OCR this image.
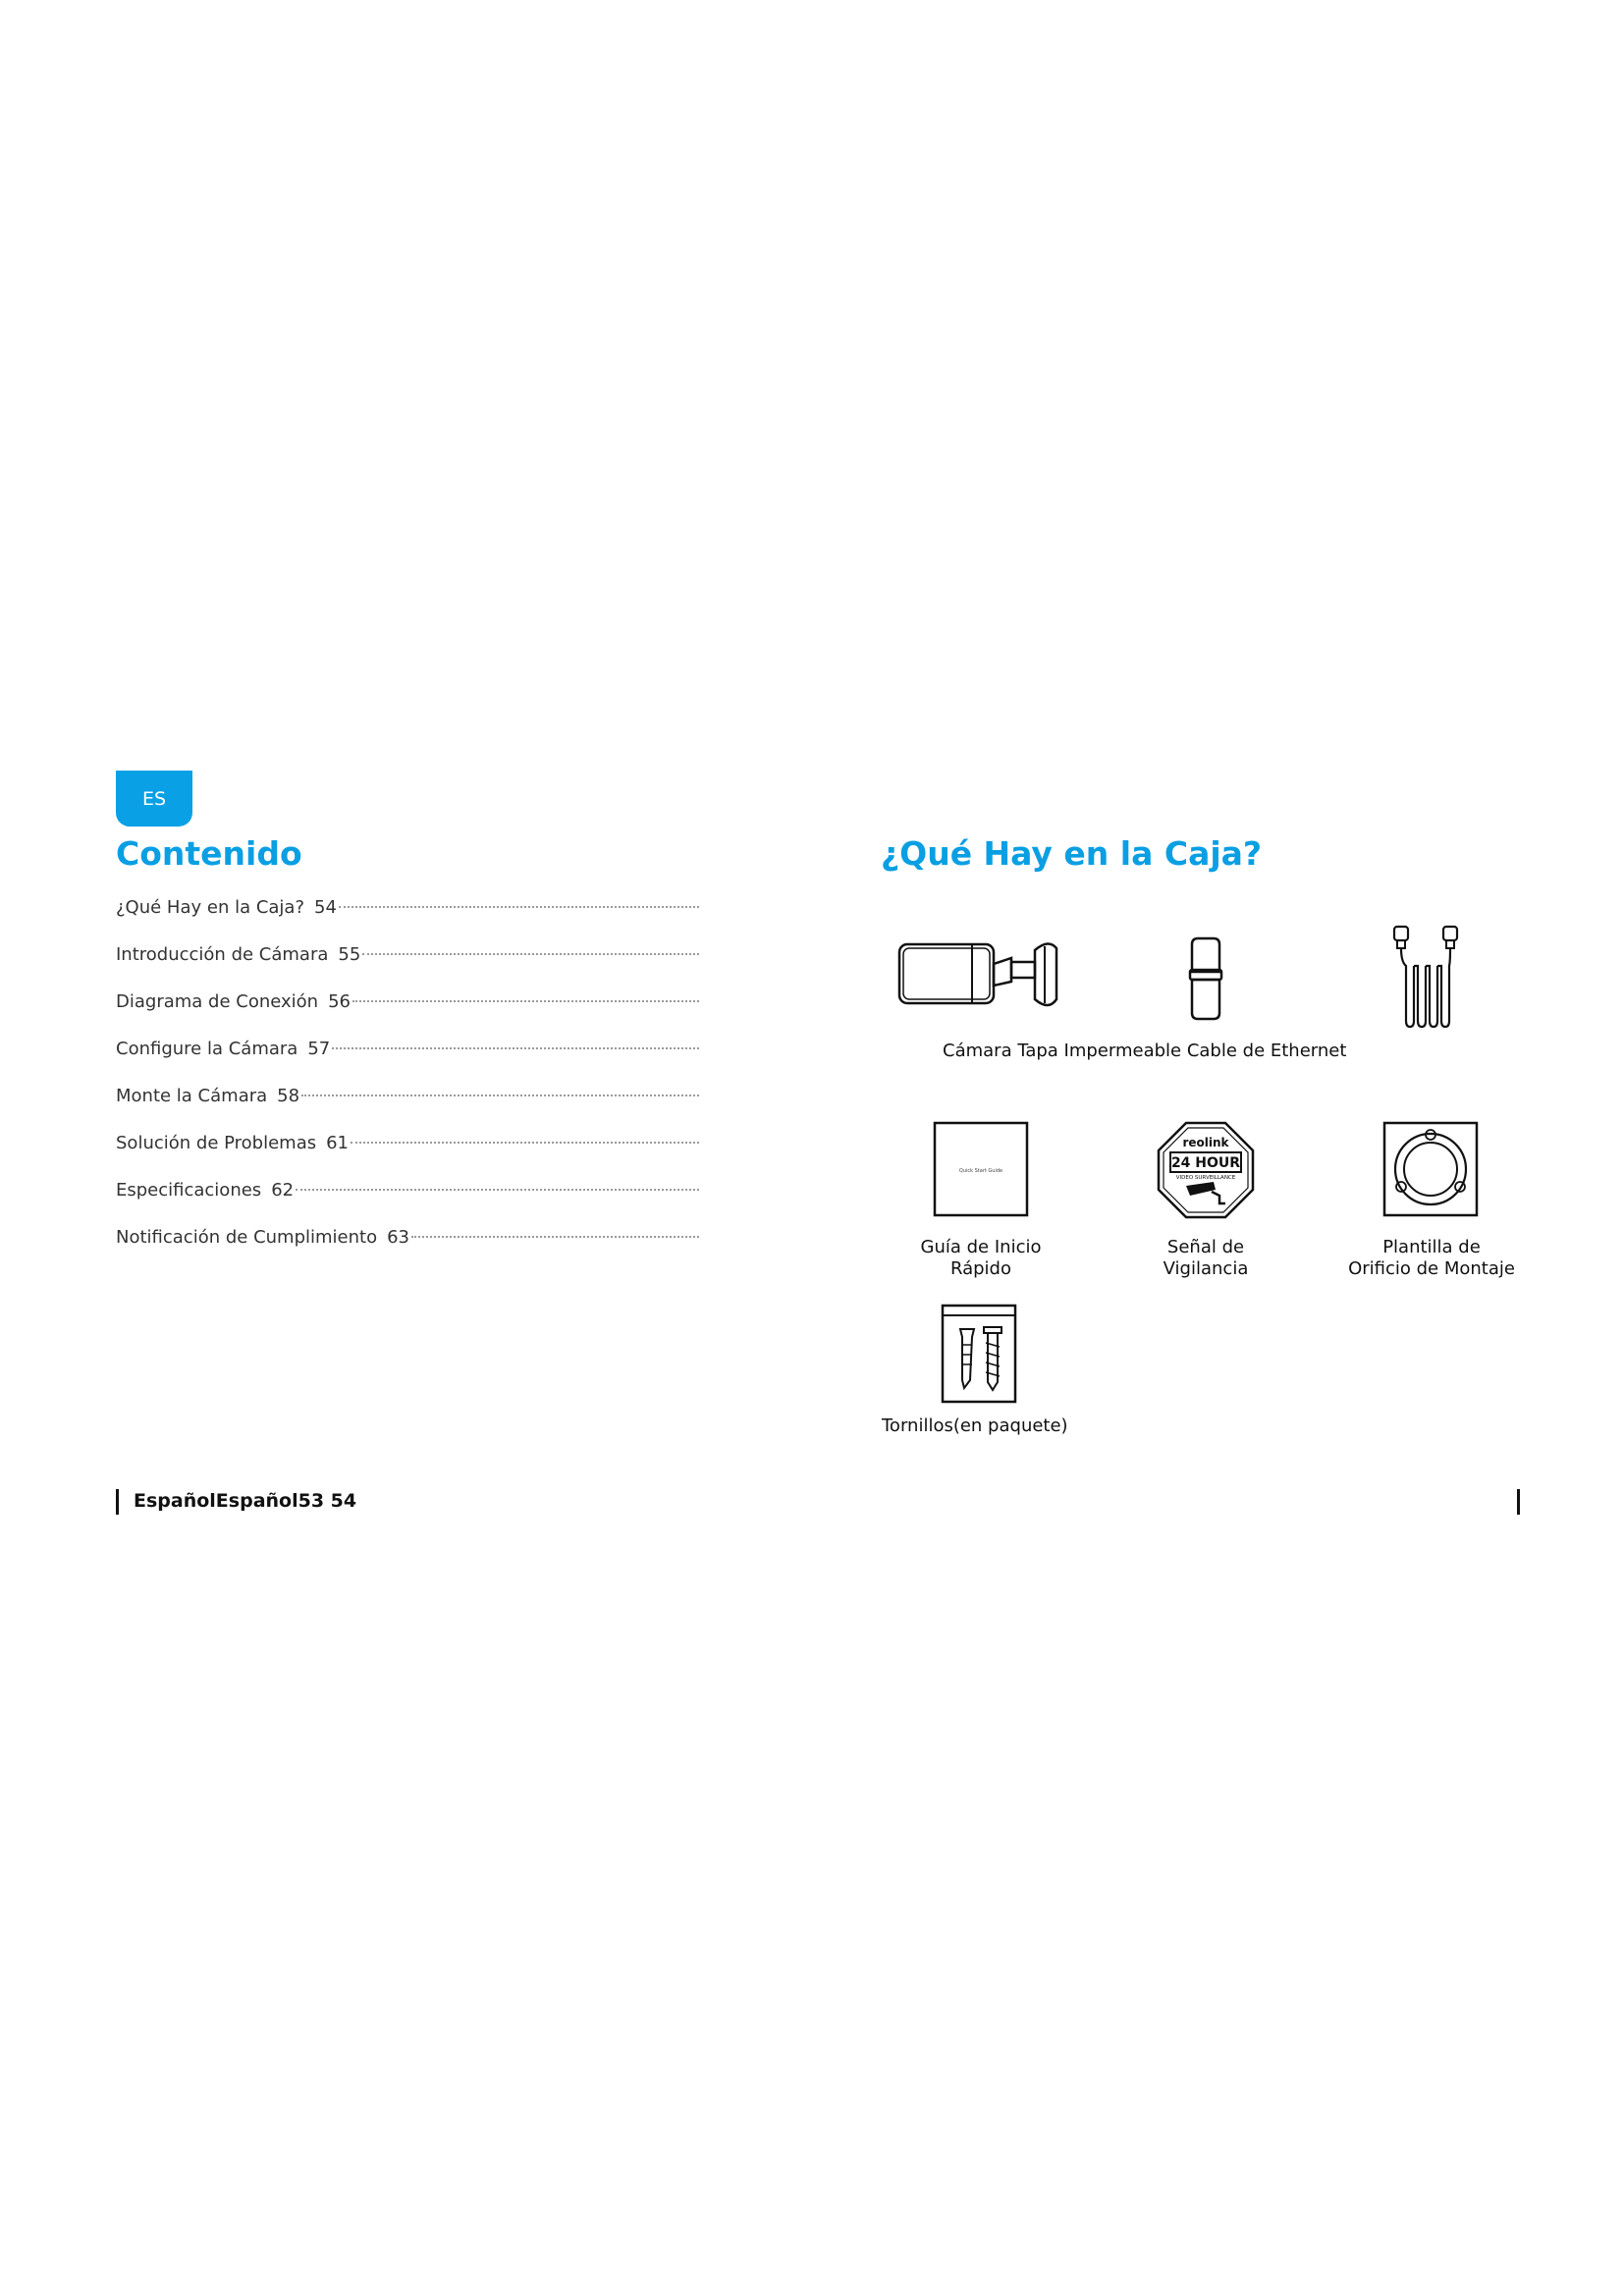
ES
Contenido
¿Qué Hay en la Caja? 54
Introducción de Cámara 55
Diagrama de Conexión 56
Configure la Cámara 57
Monte la Cámara 58
Solución de Problemas 61
Especificaciones 62
Notificación de Cumplimiento 63
¿Qué Hay en la Caja?
Cámara Tapa Impermeable Cable de Ethernet
Quick Start Guide
Guía de Inicio
Rápido
reolink
24 HOUR
VIDEO SURVEILLANCE
Señal de
Vigilancia
Plantilla de
Orificio de Montaje
Tornillos(en paquete)
EspañolEspañol53 54
